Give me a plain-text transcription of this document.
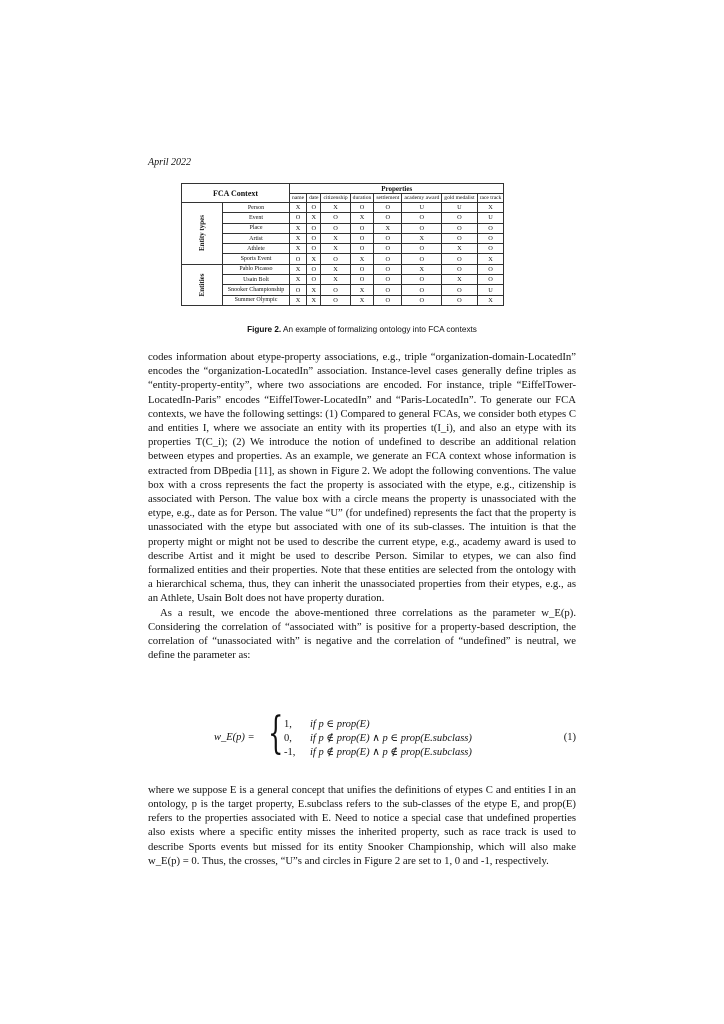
April 2022
FCA Context		Properties							
		name	date	citizenship	duration	settlement	academy award	gold medalist	race track

Entity types	Person	X	O	X	O	O	U	U	X
	Event	O	X	O	X	O	O	O	U
	Place	X	O	O	O	X	O	O	O
	Artist	X	O	X	O	O	X	O	O
	Athlete	X	O	X	O	O	O	X	O
	Sports Event	O	X	O	X	O	O	O	X

Entities	Pablo Picasso	X	O	X	O	O	X	O	O
	Usain Bolt	X	O	X	O	O	O	X	O
	Snooker Championship	O	X	O	X	O	O	O	U
	Summer Olympic	X	X	O	X	O	O	O	X
Figure 2. An example of formalizing ontology into FCA contexts

codes information about etype-property associations, e.g., triple “organization-domain-LocatedIn” encodes the “organization-LocatedIn” association. Instance-level cases generally define triples as “entity-property-entity”, where two associations are encoded. For instance, triple “EiffelTower-LocatedIn-Paris” encodes “EiffelTower-LocatedIn” and “Paris-LocatedIn”. To generate our FCA contexts, we have the following settings: (1) Compared to general FCAs, we consider both etypes C and entities I, where we associate an entity with its properties t(I_i), and also an etype with its properties T(C_i); (2) We introduce the notion of undefined to describe an additional relation between etypes and properties. As an example, we generate an FCA context whose information is extracted from DBpedia [11], as shown in Figure 2. We adopt the following conventions. The value box with a cross represents the fact the property is associated with the etype, e.g., citizenship is associated with Person. The value box with a circle means the property is unassociated with the etype, e.g., date as for Person. The value “U” (for undefined) represents the fact that the property is unassociated with the etype but associated with one of its sub-classes. The intuition is that the property might or might not be used to describe the current etype, e.g., academy award is used to describe Artist and it might be used to describe Person. Similar to etypes, we can also find formalized entities and their properties. Note that these entities are selected from the ontology with a hierarchical schema, thus, they can inherit the unassociated properties from their etypes, e.g., as an Athlete, Usain Bolt does not have property duration.

As a result, we encode the above-mentioned three correlations as the parameter w_E(p). Considering the correlation of “associated with” is positive for a property-based description, the correlation of “unassociated with” is negative and the correlation of “undefined” is neutral, we define the parameter as:

w_E(p) = { 1, if p ∈ prop(E)
0, if p ∉ prop(E) ∧ p ∈ prop(E.subclass)
-1, if p ∉ prop(E) ∧ p ∉ prop(E.subclass)
(1)

where we suppose E is a general concept that unifies the definitions of etypes C and entities I in an ontology, p is the target property, E.subclass refers to the sub-classes of the etype E, and prop(E) refers to the properties associated with E. Need to notice a special case that undefined properties also exists where a specific entity misses the inherited property, such as race track is used to describe Sports events but missed for its entity Snooker Championship, which will also make w_E(p) = 0. Thus, the crosses, “U”s and circles in Figure 2 are set to 1, 0 and -1, respectively.
